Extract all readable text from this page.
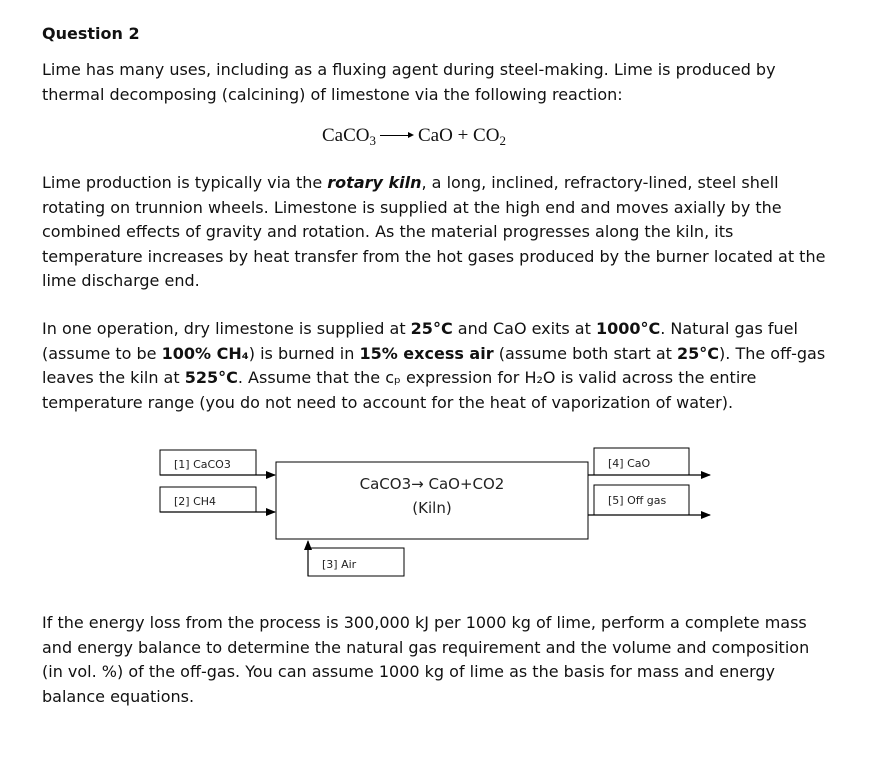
Question 2

Lime has many uses, including as a fluxing agent during steel-making. Lime is produced by

thermal decomposing (calcining) of limestone via the following reaction:

CaCO$_3$ CaO + $CO_2$

Lime production is typically via the rotary kiln, a long, inclined, refractory-lined, steel shell rotating on trunnion wheels. Limestone is supplied at the high end and moves axially by the combined effects of gravity and rotation. As the material progresses along the kiln, its temperature increases by heat transfer from the hot gases produced by the burner located at the lime discharge end.

In one operation, dry limestone is supplied at 25°C and CaO exits at 1000°C. Natural gas fuel (assume to be 100% CH₄) is burned in 15% excess air (assume both start at 25°C). The off-gas leaves the kiln at 525°C. Assume that the cₚ expression for H₂O is valid across the entire temperature range (you do not need to account for the heat of vaporization of water).

CaCO3→ CaO+CO2
(Kiln)
[1] CaCO3
[2] CH4
[3] Air
[4] CaO
[5] Off gas

If the energy loss from the process is 300,000 kJ per 1000 kg of lime, perform a complete mass and energy balance to determine the natural gas requirement and the volume and composition (in vol. %) of the off-gas. You can assume 1000 kg of lime as the basis for mass and energy balance equations.
